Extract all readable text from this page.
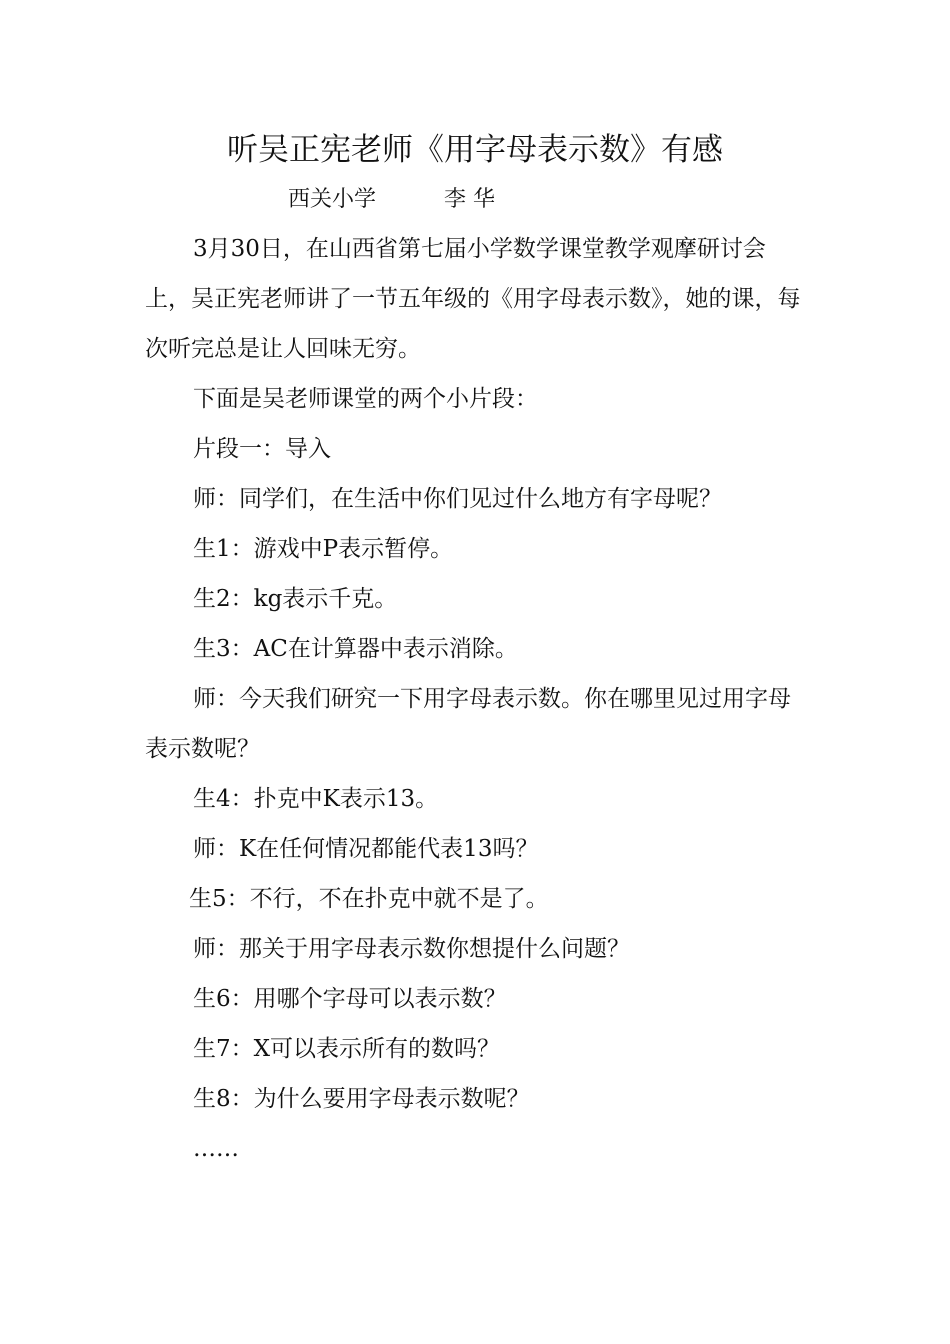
听吴正宪老师《用字母表示数》有感
西关小学	李 华

3月30日，在山西省第七届小学数学课堂教学观摩研讨会上，吴正宪老师讲了一节五年级的《用字母表示数》，她的课，每次听完总是让人回味无穷。

下面是吴老师课堂的两个小片段：

片段一：导入

师：同学们，在生活中你们见过什么地方有字母呢？

生1：游戏中P表示暂停。

生2：kg表示千克。

生3：AC在计算器中表示消除。

师：今天我们研究一下用字母表示数。你在哪里见过用字母表示数呢？

生4：扑克中K表示13。

师：K在任何情况都能代表13吗？

生5：不行，不在扑克中就不是了。

师：那关于用字母表示数你想提什么问题？

生6：用哪个字母可以表示数？

生7：X可以表示所有的数吗？

生8：为什么要用字母表示数呢？

……
